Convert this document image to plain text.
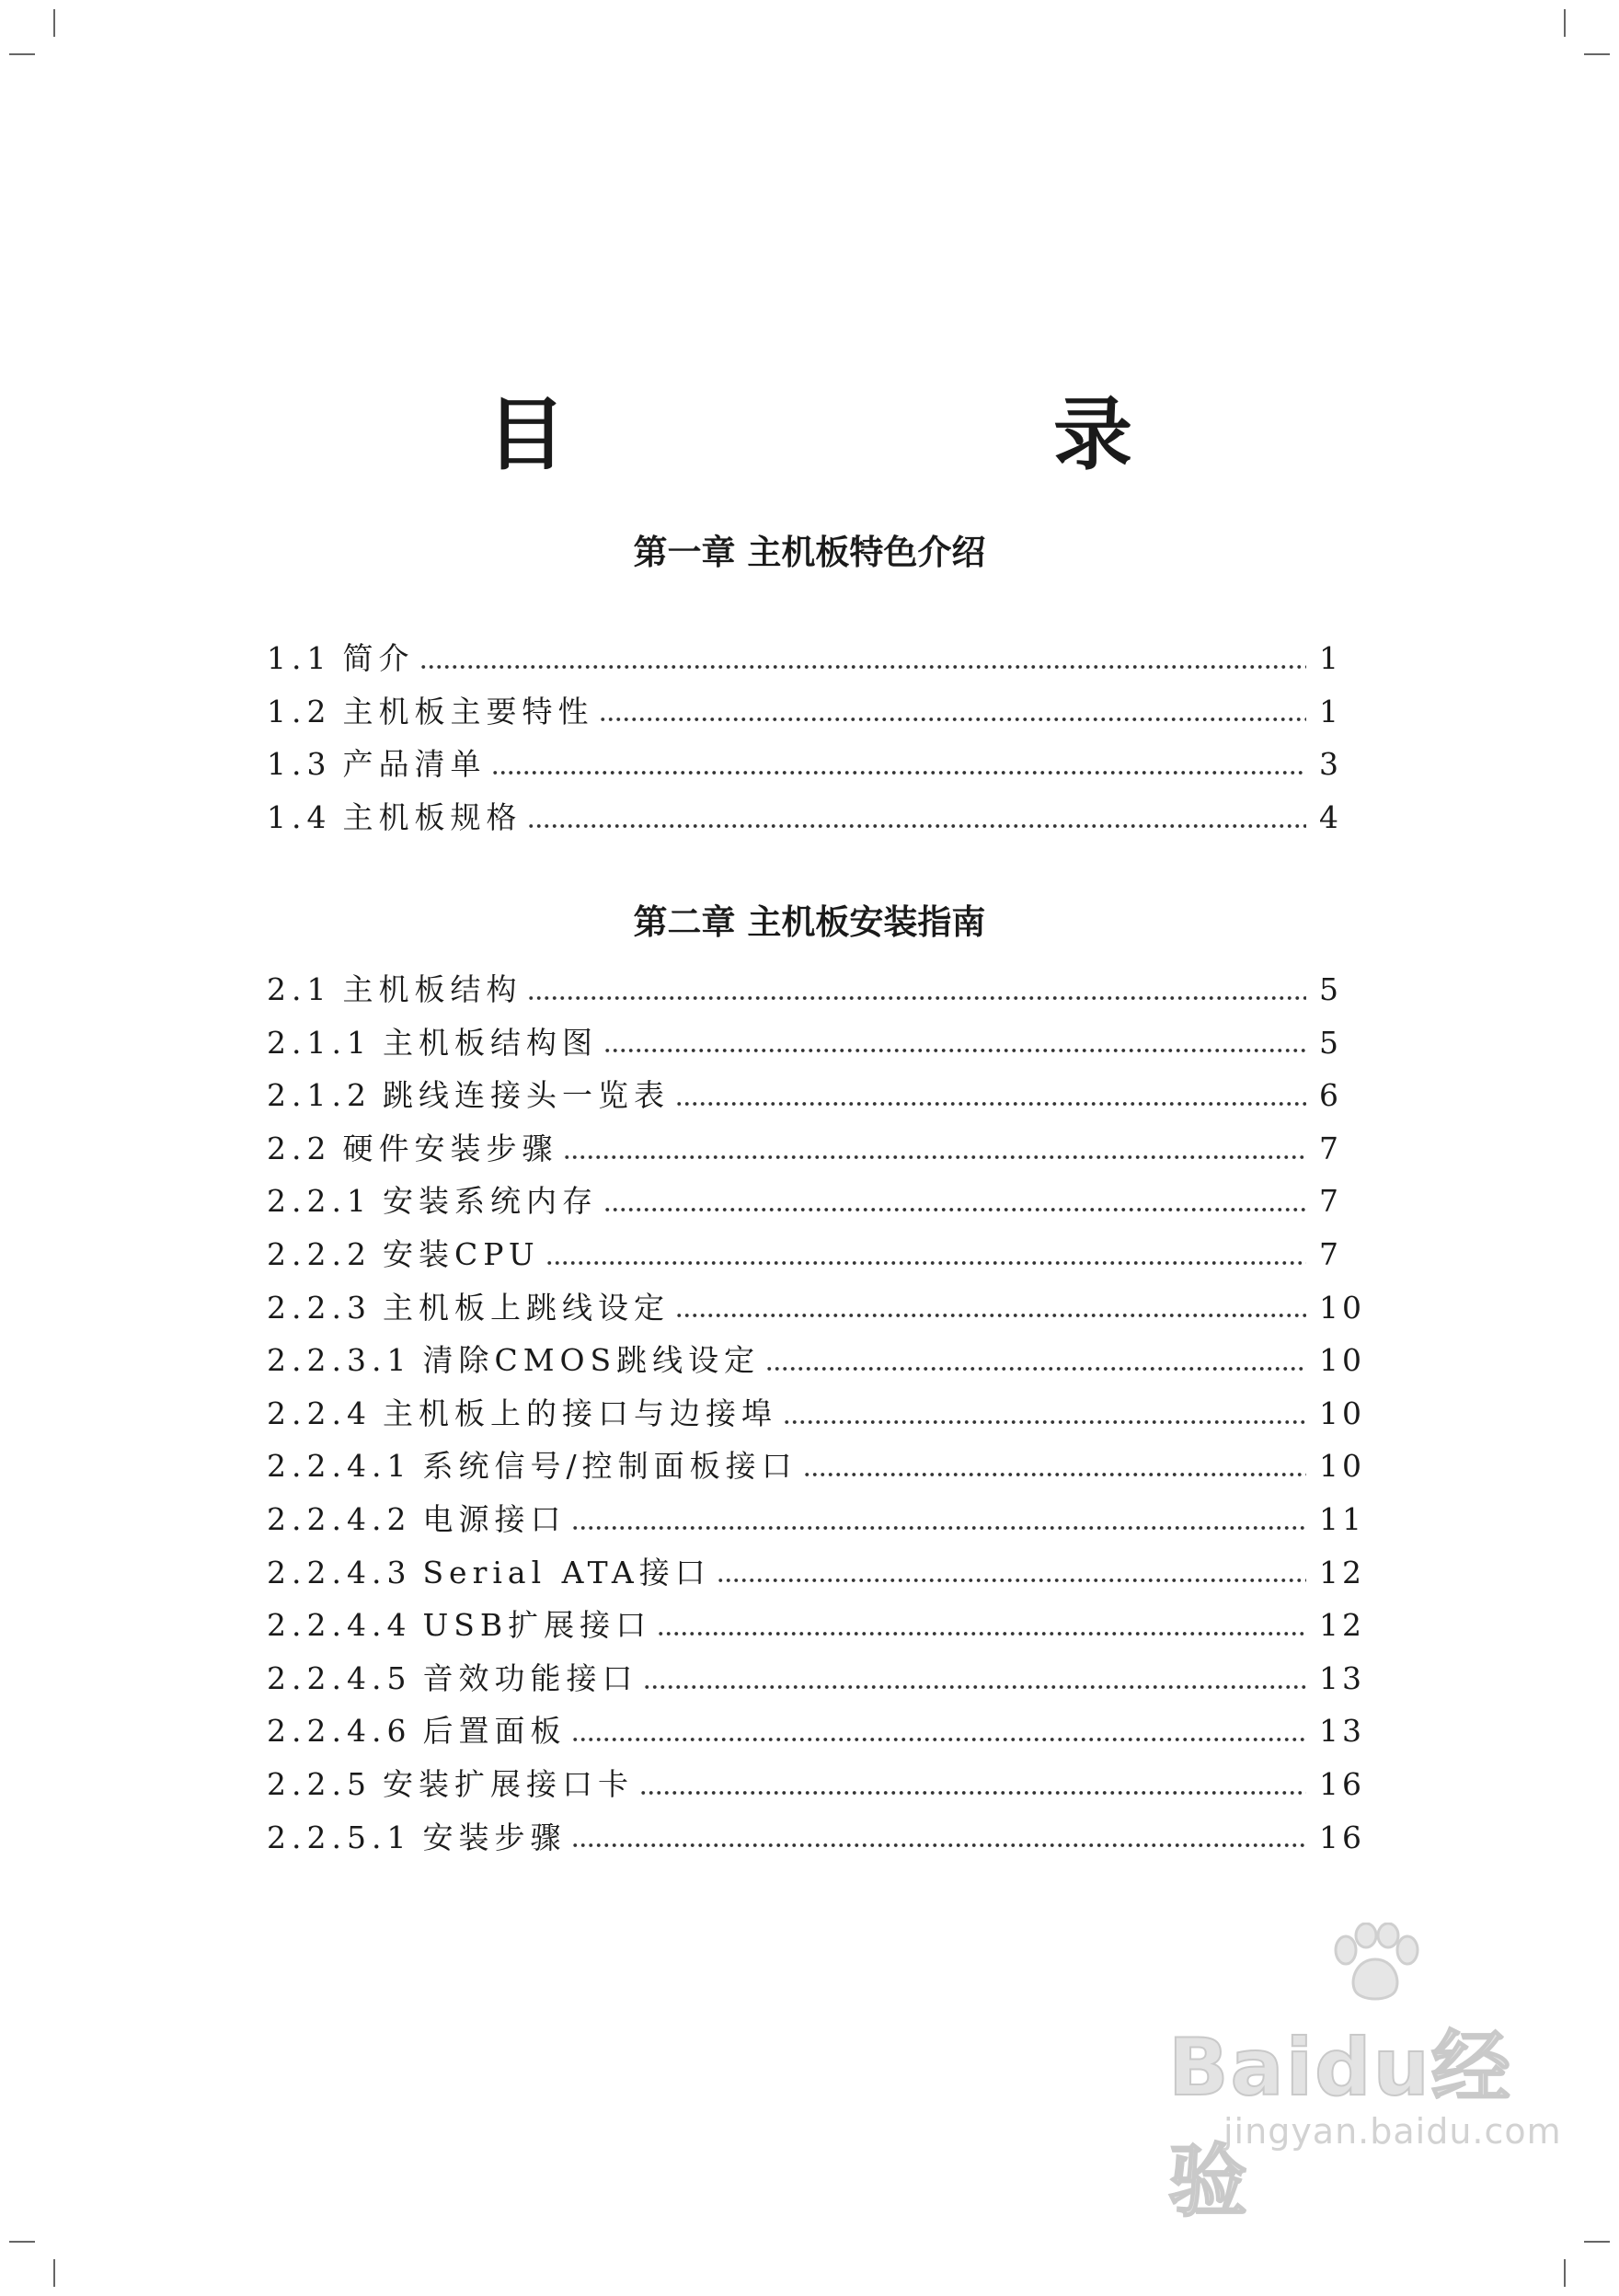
目 录
第一章 主机板特色介绍
1.1 简介	1
1.2 主机板主要特性	1
1.3 产品清单	3
1.4 主机板规格	4
第二章 主机板安装指南
2.1 主机板结构	5
2.1.1 主机板结构图	5
2.1.2 跳线连接头一览表	6
2.2 硬件安装步骤	7
2.2.1 安装系统内存	7
2.2.2 安装CPU	7
2.2.3 主机板上跳线设定	10
2.2.3.1 清除CMOS跳线设定	10
2.2.4 主机板上的接口与边接埠	10
2.2.4.1 系统信号/控制面板接口	10
2.2.4.2 电源接口	11
2.2.4.3 Serial ATA接口	12
2.2.4.4 USB扩展接口	12
2.2.4.5 音效功能接口	13
2.2.4.6 后置面板	13
2.2.5 安装扩展接口卡	16
2.2.5.1 安装步骤	16
Baidu经验
jingyan.baidu.com
